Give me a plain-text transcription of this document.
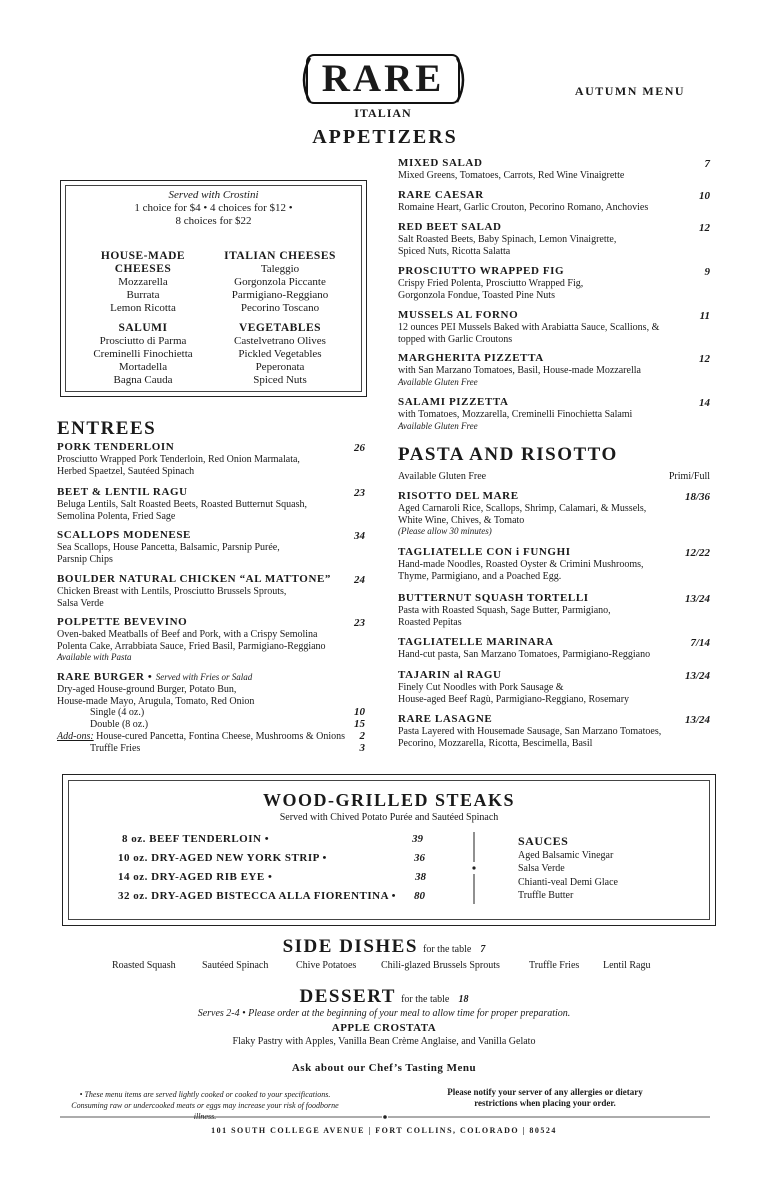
RARE
ITALIAN
AUTUMN MENU
APPETIZERS
Served with Crostini
1 choice for $4 • 4 choices for $12 •
8 choices for $22
HOUSE-MADE CHEESES
Mozzarella
Burrata
Lemon Ricotta
ITALIAN CHEESES
Taleggio
Gorgonzola Piccante
Parmigiano-Reggiano
Pecorino Toscano
SALUMI
Prosciutto di Parma
Creminelli Finochietta
Mortadella
Bagna Cauda
VEGETABLES
Castelvetrano Olives
Pickled Vegetables
Peperonata
Spiced Nuts
MIXED SALAD
Mixed Greens, Tomatoes, Carrots, Red Wine Vinaigrette
7
RARE CAESAR
Romaine Heart, Garlic Crouton, Pecorino Romano, Anchovies
10
RED BEET SALAD
Salt Roasted Beets, Baby Spinach, Lemon Vinaigrette,
Spiced Nuts, Ricotta Salatta
12
PROSCIUTTO WRAPPED FIG
Crispy Fried Polenta, Prosciutto Wrapped Fig,
Gorgonzola Fondue, Toasted Pine Nuts
9
MUSSELS AL FORNO
12 ounces PEI Mussels Baked with Arabiatta Sauce, Scallions, &
topped with Garlic Croutons
11
MARGHERITA PIZZETTA
with San Marzano Tomatoes, Basil, House-made Mozzarella
Available Gluten Free
12
SALAMI PIZZETTA
with Tomatoes, Mozzarella, Creminelli Finochietta Salami
Available Gluten Free
14
ENTREES
PORK TENDERLOIN
Prosciutto Wrapped Pork Tenderloin, Red Onion Marmalata,
Herbed Spaetzel, Sautéed Spinach
26
BEET & LENTIL RAGU
Beluga Lentils, Salt Roasted Beets, Roasted Butternut Squash,
Semolina Polenta, Fried Sage
23
SCALLOPS MODENESE
Sea Scallops, House Pancetta, Balsamic, Parsnip Purée,
Parsnip Chips
34
BOULDER NATURAL CHICKEN “AL MATTONE”
Chicken Breast with Lentils, Prosciutto Brussels Sprouts,
Salsa Verde
24
POLPETTE BEVEVINO
Oven-baked Meatballs of Beef and Pork, with a Crispy Semolina
Polenta Cake, Arrabbiata Sauce, Fried Basil, Parmigiano-Reggiano
Available with Pasta
23
RARE BURGER • Served with Fries or Salad
Dry-aged House-ground Burger, Potato Bun,
House-made Mayo, Arugula, Tomato, Red Onion
Single (4 oz.)	10
Double (8 oz.)	15
Add-ons: House-cured Pancetta, Fontina Cheese, Mushrooms & Onions	2
Truffle Fries	3
PASTA AND RISOTTO
Available Gluten Free	Primi/Full
RISOTTO DEL MARE
Aged Carnaroli Rice, Scallops, Shrimp, Calamari, & Mussels,
White Wine, Chives, & Tomato
(Please allow 30 minutes)
18/36
TAGLIATELLE CON i FUNGHI
Hand-made Noodles, Roasted Oyster & Crimini Mushrooms,
Thyme, Parmigiano, and a Poached Egg.
12/22
BUTTERNUT SQUASH TORTELLI
Pasta with Roasted Squash, Sage Butter, Parmigiano,
Roasted Pepitas
13/24
TAGLIATELLE MARINARA
Hand-cut pasta, San Marzano Tomatoes, Parmigiano-Reggiano
7/14
TAJARIN al RAGU
Finely Cut Noodles with Pork Sausage &
House-aged Beef Ragù, Parmigiano-Reggiano, Rosemary
13/24
RARE LASAGNE
Pasta Layered with Housemade Sausage, San Marzano Tomatoes,
Pecorino, Mozzarella, Ricotta, Bescimella, Basil
13/24
WOOD-GRILLED STEAKS
Served with Chived Potato Purée and Sautéed Spinach
8 oz. BEEF TENDERLOIN •	39
10 oz. DRY-AGED NEW YORK STRIP •	36
14 oz. DRY-AGED RIB EYE •	38
32 oz. DRY-AGED BISTECCA ALLA FIORENTINA • 80
SAUCES
Aged Balsamic Vinegar
Salsa Verde
Chianti-veal Demi Glace
Truffle Butter
SIDE DISHES for the table 7
Roasted Squash	Sautéed Spinach	Chive Potatoes Chili-glazed Brussels Sprouts	Truffle Fries Lentil Ragu
DESSERT for the table 18
Serves 2-4 • Please order at the beginning of your meal to allow time for proper preparation.
APPLE CROSTATA
Flaky Pastry with Apples, Vanilla Bean Crème Anglaise, and Vanilla Gelato
Ask about our Chef’s Tasting Menu
• These menu items are served lightly cooked or cooked to your specifications.
Consuming raw or undercooked meats or eggs may increase your risk of foodborne illness.
Please notify your server of any allergies or dietary
restrictions when placing your order.
101 SOUTH COLLEGE AVENUE | FORT COLLINS, COLORADO | 80524
